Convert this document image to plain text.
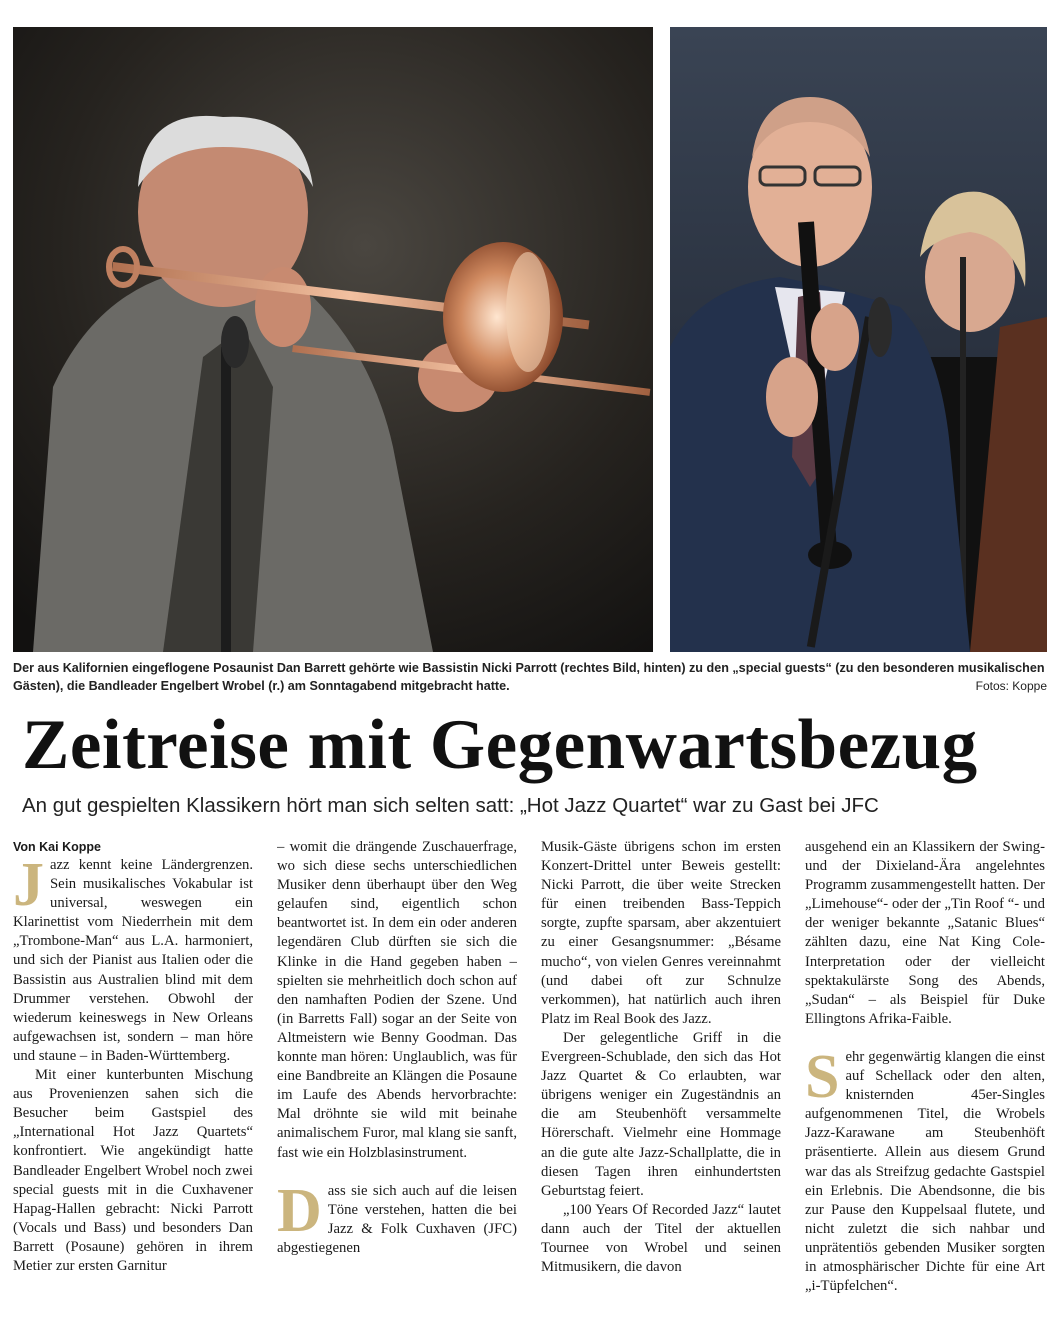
Der aus Kalifornien eingeflogene Posaunist Dan Barrett gehörte wie Bassistin Nicki Parrott (rechtes Bild, hinten) zu den „special guests“ (zu den besonderen musikalischen Gästen), die Bandleader Engelbert Wrobel (r.) am Sonntagabend mitgebracht hatte.	Fotos: Koppe
Zeitreise mit Gegenwartsbezug
An gut gespielten Klassikern hört man sich selten satt: „Hot Jazz Quartet“ war zu Gast bei JFC
Von Kai Koppe

Jazz kennt keine Ländergrenzen. Sein musikalisches Vokabular ist universal, weswegen ein Klarinettist vom Niederrhein mit dem „Trombone-Man“ aus L.A. harmoniert, und sich der Pianist aus Italien oder die Bassistin aus Australien blind mit dem Drummer verstehen. Obwohl der wiederum keineswegs in New Orleans aufgewachsen ist, sondern – man höre und staune – in Baden-Württemberg.

Mit einer kunterbunten Mischung aus Provenienzen sahen sich die Besucher beim Gastspiel des „International Hot Jazz Quartets“ konfrontiert. Wie angekündigt hatte Bandleader Engelbert Wrobel noch zwei special guests mit in die Cuxhavener Hapag-Hallen gebracht: Nicki Parrott (Vocals und Bass) und besonders Dan Barrett (Posaune) gehören in ihrem Metier zur ersten Garnitur

– womit die drängende Zuschauerfrage, wo sich diese sechs unterschiedlichen Musiker denn überhaupt über den Weg gelaufen sind, eigentlich schon beantwortet ist. In dem ein oder anderen legendären Club dürften sie sich die Klinke in die Hand gegeben haben – spielten sie mehrheitlich doch schon auf den namhaften Podien der Szene. Und (in Barretts Fall) sogar an der Seite von Altmeistern wie Benny Goodman. Das konnte man hören: Unglaublich, was für eine Bandbreite an Klängen die Posaune im Laufe des Abends hervorbrachte: Mal dröhnte sie wild mit beinahe animalischem Furor, mal klang sie sanft, fast wie ein Holzblasinstrument.

Dass sie sich auch auf die leisen Töne verstehen, hatten die bei Jazz & Folk Cuxhaven (JFC) abgestiegenen

Musik-Gäste übrigens schon im ersten Konzert-Drittel unter Beweis gestellt: Nicki Parrott, die über weite Strecken für einen treibenden Bass-Teppich sorgte, zupfte sparsam, aber akzentuiert zu einer Gesangsnummer: „Bésame mucho“, von vielen Genres vereinnahmt (und dabei oft zur Schnulze verkommen), hat natürlich auch ihren Platz im Real Book des Jazz.

Der gelegentliche Griff in die Evergreen-Schublade, den sich das Hot Jazz Quartet & Co erlaubten, war übrigens weniger ein Zugeständnis an die am Steubenhöft versammelte Hörerschaft. Vielmehr eine Hommage an die gute alte Jazz-Schallplatte, die in diesen Tagen ihren einhundertsten Geburtstag feiert.

„100 Years Of Recorded Jazz“ lautet dann auch der Titel der aktuellen Tournee von Wrobel und seinen Mitmusikern, die davon

ausgehend ein an Klassikern der Swing- und der Dixieland-Ära angelehntes Programm zusammengestellt hatten. Der „Limehouse“- oder der „Tin Roof “- und der weniger bekannte „Satanic Blues“ zählten dazu, eine Nat King Cole-Interpretation oder der vielleicht spektakulärste Song des Abends, „Sudan“ – als Beispiel für Duke Ellingtons Afrika-Faible.

Sehr gegenwärtig klangen die einst auf Schellack oder den alten, knisternden 45er-Singles aufgenommenen Titel, die Wrobels Jazz-Karawane am Steubenhöft präsentierte. Allein aus diesem Grund war das als Streifzug gedachte Gastspiel ein Erlebnis. Die Abendsonne, die bis zur Pause den Kuppelsaal flutete, und nicht zuletzt die sich nahbar und unprätentiös gebenden Musiker sorgten in atmosphärischer Dichte für eine Art „i-Tüpfelchen“.
